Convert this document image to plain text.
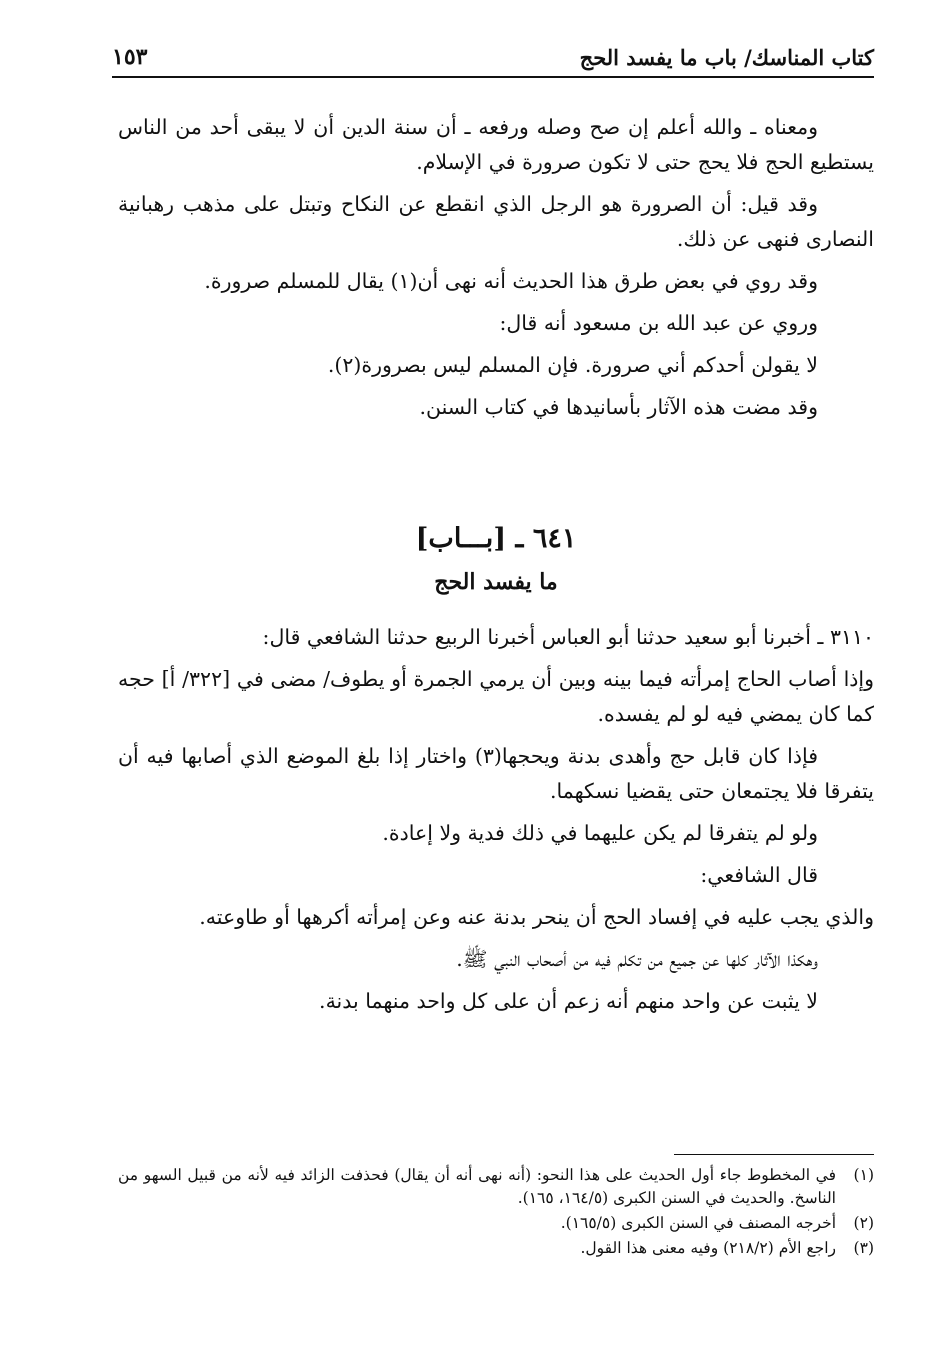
كتاب المناسك/ باب ما يفسد الحج
١٥٣

ومعناه ـ والله أعلم إن صح وصله ورفعه ـ أن سنة الدين أن لا يبقى أحد من الناس يستطيع الحج فلا يحج حتى لا تكون صرورة في الإسلام.

وقد قيل: أن الصرورة هو الرجل الذي انقطع عن النكاح وتبتل على مذهب رهبانية النصارى فنهى عن ذلك.

وقد روي في بعض طرق هذا الحديث أنه نهى أن(١) يقال للمسلم صرورة.

وروي عن عبد الله بن مسعود أنه قال:

لا يقولن أحدكم أني صرورة. فإن المسلم ليس بصرورة(٢).

وقد مضت هذه الآثار بأسانيدها في كتاب السنن.

٦٤١ ـ [بـــاب]
ما يفسد الحج

٣١١٠ ـ أخبرنا أبو سعيد حدثنا أبو العباس أخبرنا الربيع حدثنا الشافعي قال:

وإذا أصاب الحاج إمرأته فيما بينه وبين أن يرمي الجمرة أو يطوف/ مضى في [٣٢٢/ أ] حجه كما كان يمضي فيه لو لم يفسده.

فإذا كان قابل حج وأهدى بدنة ويحجها(٣) واختار إذا بلغ الموضع الذي أصابها فيه أن يتفرقا فلا يجتمعان حتى يقضيا نسكهما.

ولو لم يتفرقا لم يكن عليهما في ذلك فدية ولا إعادة.

قال الشافعي:

والذي يجب عليه في إفساد الحج أن ينحر بدنة عنه وعن إمرأته أكرهها أو طاوعته.

وهكذا الآثار كلها عن جميع من تكلم فيه من أصحاب النبي ﷺ.

لا يثبت عن واحد منهم أنه زعم أن على كل واحد منهما بدنة.

(١)
في المخطوط جاء أول الحديث على هذا النحو: (أنه نهى أنه أن يقال) فحذفت الزائد فيه لأنه من قبيل السهو من الناسخ. والحديث في السنن الكبرى (١٦٤/٥، ١٦٥).
(٢)
أخرجه المصنف في السنن الكبرى (١٦٥/٥).
(٣)
راجع الأم (٢١٨/٢) وفيه معنى هذا القول.
